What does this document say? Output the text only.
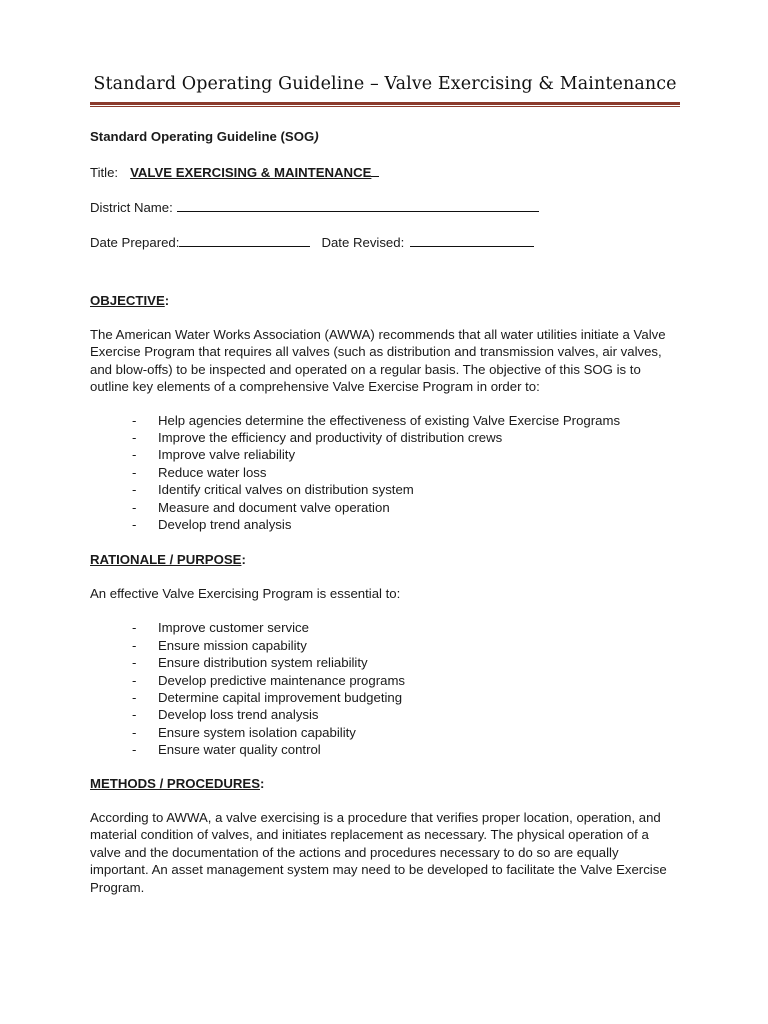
Standard Operating Guideline – Valve Exercising & Maintenance
Standard Operating Guideline (SOG)
Title: VALVE EXERCISING & MAINTENANCE
District Name:
Date Prepared:	Date Revised:
OBJECTIVE:

The American Water Works Association (AWWA) recommends that all water utilities initiate a Valve Exercise Program that requires all valves (such as distribution and transmission valves, air valves, and blow-offs) to be inspected and operated on a regular basis. The objective of this SOG is to outline key elements of a comprehensive Valve Exercise Program in order to:

-	Help agencies determine the effectiveness of existing Valve Exercise Programs
-	Improve the efficiency and productivity of distribution crews
-	Improve valve reliability
-	Reduce water loss
-	Identify critical valves on distribution system
-	Measure and document valve operation
-	Develop trend analysis
RATIONALE / PURPOSE:

An effective Valve Exercising Program is essential to:

-	Improve customer service
-	Ensure mission capability
-	Ensure distribution system reliability
-	Develop predictive maintenance programs
-	Determine capital improvement budgeting
-	Develop loss trend analysis
-	Ensure system isolation capability
-	Ensure water quality control
METHODS / PROCEDURES:

According to AWWA, a valve exercising is a procedure that verifies proper location, operation, and material condition of valves, and initiates replacement as necessary. The physical operation of a valve and the documentation of the actions and procedures necessary to do so are equally important. An asset management system may need to be developed to facilitate the Valve Exercise Program.
